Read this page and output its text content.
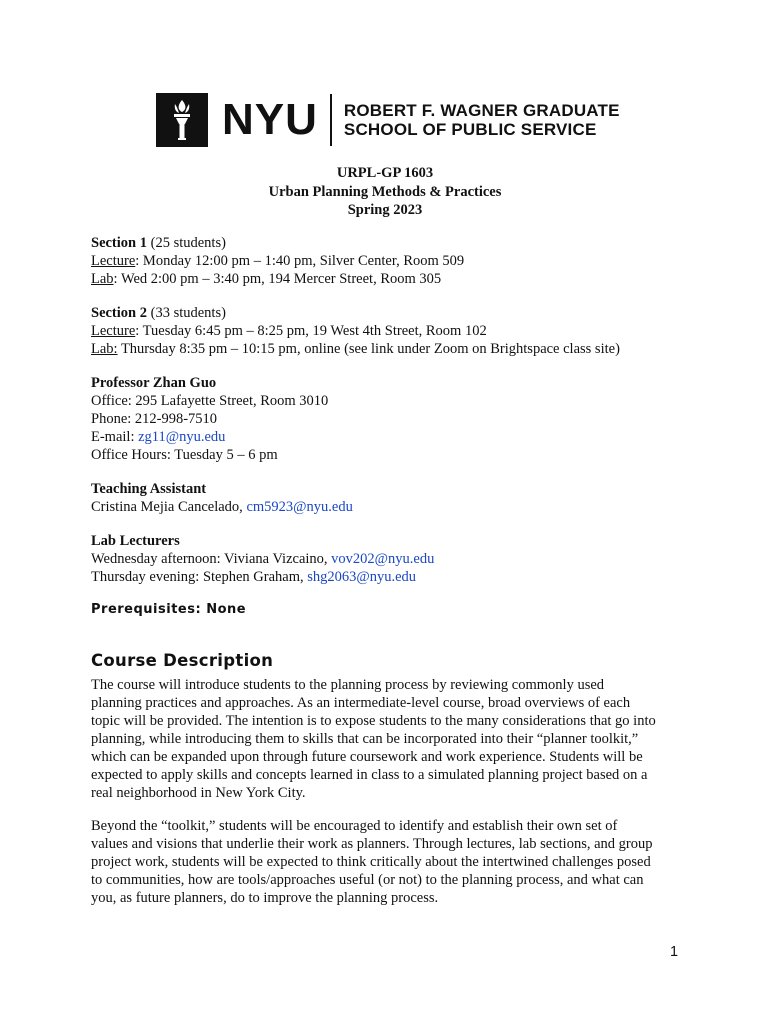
NYU ROBERT F. WAGNER GRADUATE
SCHOOL OF PUBLIC SERVICE
URPL-GP 1603
Urban Planning Methods & Practices
Spring 2023
Section 1 (25 students)
Lecture: Monday 12:00 pm – 1:40 pm, Silver Center, Room 509
Lab: Wed 2:00 pm – 3:40 pm, 194 Mercer Street, Room 305
Section 2 (33 students)
Lecture: Tuesday 6:45 pm – 8:25 pm, 19 West 4th Street, Room 102
Lab: Thursday 8:35 pm – 10:15 pm, online (see link under Zoom on Brightspace class site)
Professor Zhan Guo
Office: 295 Lafayette Street, Room 3010
Phone: 212-998-7510
E-mail: zg11@nyu.edu
Office Hours: Tuesday 5 – 6 pm
Teaching Assistant
Cristina Mejia Cancelado, cm5923@nyu.edu
Lab Lecturers
Wednesday afternoon: Viviana Vizcaino, vov202@nyu.edu
Thursday evening: Stephen Graham, shg2063@nyu.edu
Prerequisites: None
Course Description
The course will introduce students to the planning process by reviewing commonly used
planning practices and approaches. As an intermediate-level course, broad overviews of each
topic will be provided. The intention is to expose students to the many considerations that go into
planning, while introducing them to skills that can be incorporated into their “planner toolkit,”
which can be expanded upon through future coursework and work experience. Students will be
expected to apply skills and concepts learned in class to a simulated planning project based on a
real neighborhood in New York City.
Beyond the “toolkit,” students will be encouraged to identify and establish their own set of
values and visions that underlie their work as planners. Through lectures, lab sections, and group
project work, students will be expected to think critically about the intertwined challenges posed
to communities, how are tools/approaches useful (or not) to the planning process, and what can
you, as future planners, do to improve the planning process.
1
